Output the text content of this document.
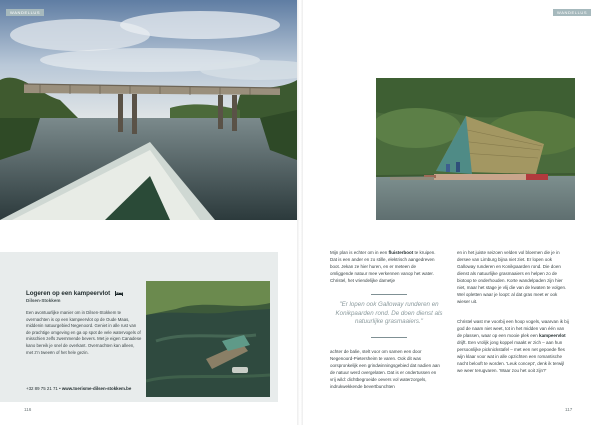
WANDELLUS
Logeren op een kampeervlot
Dilsen-Stokkem

Een avontuurlijke manier om in Dilsen-Stokkem te overnachten is op een kampeervlot op de Oude Maas, middenin natuurgebied Negenoord. Geniet in alle rust van de prachtige omgeving en ga op spot de vele watervogels of misschien zelfs zwemmende bevers. Met je eigen Canadese kano bereik je snel de overkant. Overnachten kan alleen, met z'n tweeën of het hele gezin.

+32 89 75 21 71 • www.toerisme-dilsen-stokkem.be
116
WANDELLUS

Mijn plan is echter om in een fluisterboot te kruipen. Dat is een ander en zo stille, elektrisch aangedreven boot. Jekan ze hier huren, en er meteen de omliggende natuur mee verkennen vanop het water. Christel, het vriendelijke dametje

"Er lopen ook Galloway runderen en Konikpaarden rond. De doen dienst als natuurlijke grasmaaiers."

achter de balie, stelt voor om samen een door Negenoord-Pietersheim te varen. Ook dit was oorspronkelijk een grindwinningsgebied dat nadien aan de natuur werd overgelaten. Dat is er ondertussen en vrij wild: dichtbegroeide oevers vol waterzorgels, indrukwekkende bevertbunchten

en in het juiste seizoen velden vol bloemen die je in dersee van Limburg bijna niet ziet. Er lopen ook Galloway runderen en Konikpaarden rond. Die doen dienst als natuurlijke grasmaaiers en helpen zo de biotoop te onderhouden. Korte wandelpaden zijn hier niet, maar het stage je vlij die van de kwaten te volgen. Wel opletten waar je loopt: al dat gras meet er ook wieser uit.

Christel wast me voorbij een hoop vogels, waarvan ik bij god de naam niet weet, tot in het midden van één van de plassen, waar op een mooie plek een kampeervlot drijft. Een vrolijk jong koppel maakt er zich – aan hun persoonlijke picknickstafel – met een net gepoede fles wijn klaar voor wat in alle opzichten een romantische nacht belooft te worden. 'Leuk concept', denk ik terwijl we weer terugvaren. 'Waar zou het ooit zijn?'

117
